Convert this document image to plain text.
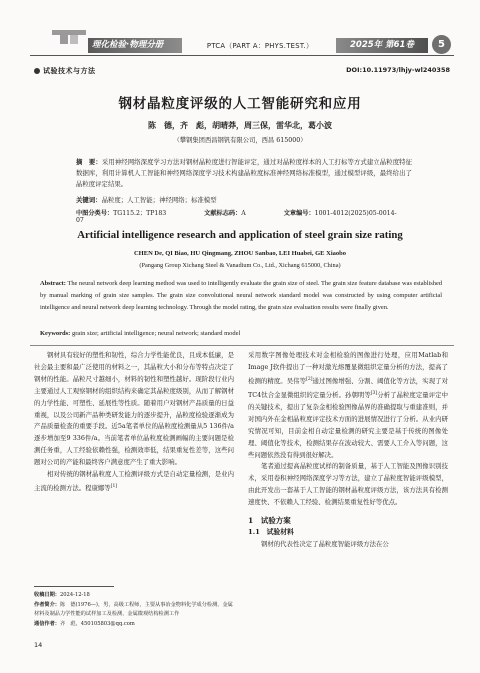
理化检验·物理分册	PTCA（PART A：PHYS.TEST.）	2025年 第61卷	5
试验技术与方法	DOI:10.11973/lhjy-wl240358
钢材晶粒度评级的人工智能研究和应用
陈　德，齐　彪，胡晴莽，周三保，雷华北，葛小波
（攀钢集团西昌钢钒有限公司，西昌 615000）
摘　要：采用神经网络深度学习方法对钢材晶粒度进行智能评定，通过对晶粒度样本的人工打标等方式建立晶粒度特征数据库，利用计算机人工智能和神经网络深度学习技术构建晶粒度标准神经网络标准模型，通过模型评级，最终给出了晶粒度评定结果。
关键词：晶粒度；人工智能；神经网络；标准模型
中图分类号：TG115.2；TP183	文献标志码：A	文章编号：1001-4012(2025)05-0014-07
Artificial intelligence research and application of steel grain size rating
CHEN De, QI Biao, HU Qingmang, ZHOU Sanbao, LEI Huabei, GE Xiaobo
(Pangang Group Xichang Steel & Vanadium Co., Ltd., Xichang 615000, China)
Abstract: The neural network deep learning method was used to intelligently evaluate the grain size of steel. The grain size feature database was established by manual marking of grain size samples. The grain size convolutional neural network standard model was constructed by using computer artificial intelligence and neural network deep learning technology. Through the model rating, the grain size evaluation results were finally given.
Keywords: grain size; artificial intelligence; neural network; standard model

钢材具有较好的塑性和韧性，综合力学性能优良，且成本低廉，是社会最主要和最广泛使用的材料之一，其晶粒大小和分布等特点决定了钢材的性能。晶粒尺寸越细小，材料的韧性和塑性越好。现阶段行业内主要通过人工观察钢材的组织结构来确定其晶粒度级别，从而了解钢材的力学性能、可塑性、延展性等性质。随着用户对钢材产品质量的日益重视，以及公司新产品种类研发能力的逐步提升，晶粒度检验逐渐成为产品质量检查的重要手段。近5a笔者单位的晶粒度检测量从5 136件/a逐步增加至9 336件/a。当前笔者单位晶粒度检测画幅的主要问题是检测任务重，人工经验依赖性强，检测效率低，结果重复性差等，这些问题对公司的产能和最终客户满意度产生了重大影响。

相对传统的钢材晶粒度人工检测评级方式是自动定量检测，是业内主流的检测方法。程康娜等[1]

采用数字图像处理技术对金相检验的图像进行处理，应用Matlab和Image J软件提出了一种对激光熔覆显微组织定量分析的方法，提高了检测的精度。吴伟等[2]通过图像增强、分割、阈值化等方法，实现了对TC4钛合金显微组织的定量分析。孙朝明等[3]分析了晶粒度定量评定中的关键技术，提出了复杂金相检验图像晶界的准确提取与重建准则，并对国内外在金相晶粒度评定技术方面的进展情况进行了分析。从业内研究情况可知，目前金相自动定量检测的研究主要是基于传统的图像处理、阈值化等技术，检测结果存在波动较大、需要人工介入等问题，这些问题依然没有得到很好解决。

笔者通过提高晶粒度试样的制备质量，基于人工智能及图像识别技术，采用卷积神经网络深度学习等方法，建立了晶粒度智能评级模型，由此开发出一套基于人工智能的钢材晶粒度评级方法，该方法具有检测速度快、不依赖人工经验、检测结果重复性好等优点。

1　试验方案
1.1　试验材料

钢材的代表性决定了晶粒度智能评级方法在公

收稿日期：2024-12-18
作者简介：陈　德(1976—)，男，高级工程师，主要从事冶金物料化学成分检测、金属材料及制品力学性能的试样加工及检测、金属微观结构检测工作
通信作者：齐　彪，450105803@qq.com
14
